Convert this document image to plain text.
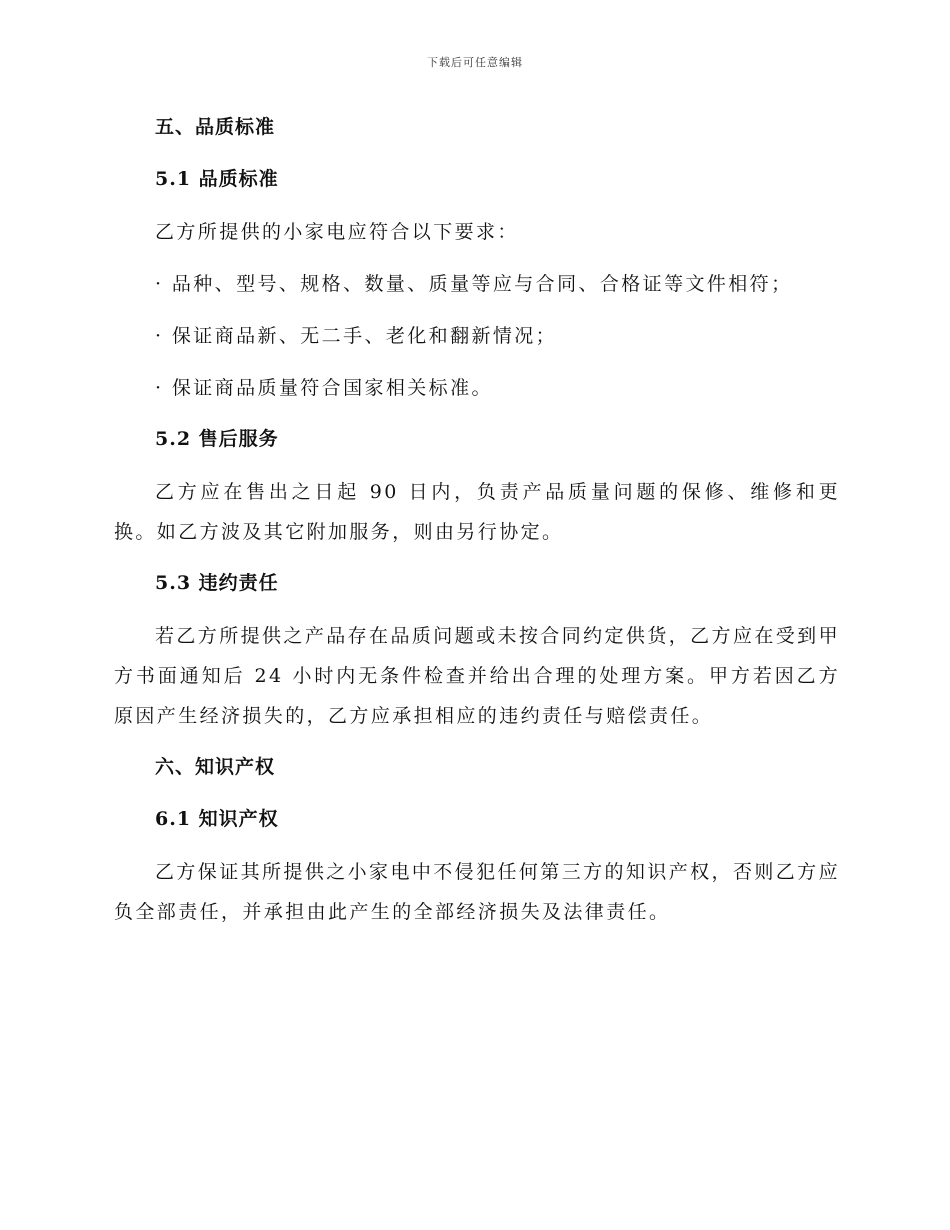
下载后可任意编辑
五、品质标准
5.1 品质标准
乙方所提供的小家电应符合以下要求：
· 品种、型号、规格、数量、质量等应与合同、合格证等文件相符；
· 保证商品新、无二手、老化和翻新情况；
· 保证商品质量符合国家相关标准。
5.2 售后服务
乙方应在售出之日起 90 日内，负责产品质量问题的保修、维修和更换。如乙方波及其它附加服务，则由另行协定。
5.3 违约责任
若乙方所提供之产品存在品质问题或未按合同约定供货，乙方应在受到甲方书面通知后 24 小时内无条件检查并给出合理的处理方案。甲方若因乙方原因产生经济损失的，乙方应承担相应的违约责任与赔偿责任。
六、知识产权
6.1 知识产权
乙方保证其所提供之小家电中不侵犯任何第三方的知识产权，否则乙方应负全部责任，并承担由此产生的全部经济损失及法律责任。
